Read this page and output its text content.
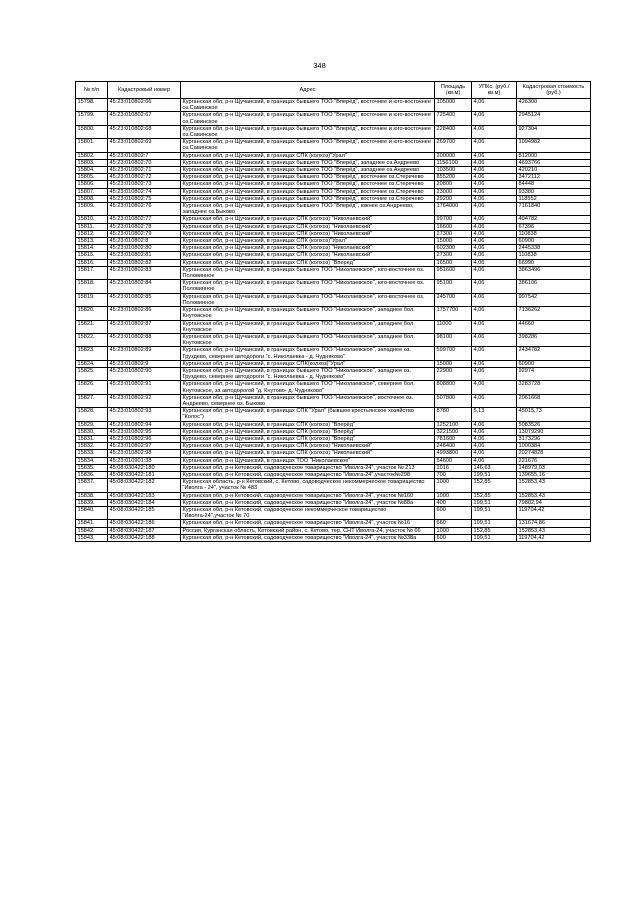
348
№ п/п	Кадастровый номер	Адрес	Площадь (кв.м)	УПКс. (руб./кв.м)	Кадастровая стоимость (руб.)
15798.	45:23:010802:66	Курганская обл, р-н Щучанский, в границах бывшего ТОО "Вперёд", восточнее и юго-восточнее оз.Савинское	105000	4,06	426300
15799.	45:23:010802:67	Курганская обл, р-н Щучанский, в границах бывшего ТОО "Вперёд", восточнее и юго-восточнее оз.Савинское	725400	4,06	2945124
15800.	45:23:010802:68	Курганская обл, р-н Щучанский, в границах бывшего ТОО "Вперёд", восточнее и юго-восточнее оз.Савинское	228400	4,06	927304
15801.	45:23:010802:69	Курганская обл, р-н Щучанский, в границах бывшего ТОО "Вперёд", восточнее и юго-восточнее оз.Савинское	269700	4,06	1094982
15802.	45:23:010802:7	Курганская обл, р-н Щучанский, в границах СПК (колхоз)"Урал"	200000	4,06	812000
15803.	45:23:010802:70	Курганская обл, р-н Щучанский, в границах бывшего ТОО "Вперёд", западнее оз.Андреево	1156100	4,06	4693766
15804.	45:23:010802:71	Курганская обл, р-н Щучанский, в границах бывшего ТОО "Вперёд", западнее оз.Андреево	103500	4,06	420210
15805.	45:23:010802:72	Курганская обл, р-н Щучанский, в границах бывшего ТОО "Вперёд", восточнее оз.Стеречево	855200	4,06	3472112
15806.	45:23:010802:73	Курганская обл, р-н Щучанский, в границах бывшего ТОО "Вперёд", восточнее оз.Стеречево	20800	4,06	84448
15807.	45:23:010802:74	Курганская обл, р-н Щучанский, в границах бывшего ТОО "Вперёд", восточнее оз.Стеречево	23000	4,06	93380
15808.	45:23:010802:75	Курганская обл, р-н Щучанский, в границах бывшего ТОО "Вперёд", восточнее оз.Стеречево	29200	4,06	118552
15809.	45:23:010802:76	Курганская обл, р-н Щучанский, в границах бывшего ТОО "Вперёд", южнее оз.Андреево, западнее оз.Быково	1764000	4,06	7161840
15810.	45:23:010802:77	Курганская обл, р-н Щучанский, в границах СПК (колхоз) "Николаевский"	99700	4,06	404782
15811.	45:23:010802:78	Курганская обл, р-н Щучанский, в границах СПК (колхоз) "Николаевский"	16600	4,06	67396
15812.	45:23:010802:79	Курганская обл, р-н Щучанский, в границах СПК (колхоз) "Николаевский"	27300	4,06	110838
15813.	45:23:010802:8	Курганская обл, р-н Щучанский, в границах СПК (колхоз)"Урал"	15000	4,06	60900
15814.	45:23:010802:80	Курганская обл, р-н Щучанский, в границах СПК (колхоз) "Николаевский"	602300	4,06	2445338
15815.	45:23:010802:81	Курганская обл, р-н Щучанский, в границах СПК (колхоз) "Николаевский"	27300	4,06	110838
15816.	45:23:010802:82	Курганская обл, р-н Щучанский, в границах СПК (колхоз) "Вперед"	16500	4,06	66990
15817.	45:23:010802:83	Курганская обл, р-н Щучанский, в границах бывшего ТОО "Николаевское", юго-восточнее оз. Половинное	951600	4,06	3863496
15818.	45:23:010802:84	Курганская обл, р-н Щучанский, в границах бывшего ТОО "Николаевское", юго-восточнее оз. Половинное	95100	4,06	386106
15819.	45:23:010802:85	Курганская обл, р-н Щучанский, в границах бывшего ТОО "Николаевское", юго-восточнее оз. Половинное	245700	4,06	997542
15820.	45:23:010802:86	Курганская обл, р-н Щучанский, в границах бывшего ТОО "Николаевское", западнее бол. Кнутовское	1757700	4,06	7136262
15821.	45:23:010802:87	Курганская обл, р-н Щучанский, в границах бывшего ТОО "Николаевское", западнее бол. Кнутовское	11000	4,06	44660
15822.	45:23:010802:88	Курганская обл, р-н Щучанский, в границах бывшего ТОО "Николаевское", западнее бол. Кнутовское	98100	4,06	398286
15823.	45:23:010802:89	Курганская обл, р-н Щучанский, в границах бывшего ТОО "Николаевское", западнее оз. Груздево, севернее автодороги "с. Николаевка - д. Чудняково"	599700	4,06	2434782
15824.	45:23:010802:9	Курганская обл, р-н Щучанский, в границах СПК(колхоз)"Урал"	15000	4,06	60900
15825.	45:23:010802:90	Курганская обл, р-н Щучанский, в границах бывшего ТОО "Николаевское", западнее оз. Груздево, севернее автодороги "с. Николаевка - д. Чудняково"	22900	4,06	92974
15826.	45:23:010802:91	Курганская обл, р-н Щучанский, в границах бывшего ТОО "Николаевское", севернее бол. Кнутовское, за автодорогой "д. Кнутово- д. Чудняково"	808800	4,06	3283728
15827.	45:23:010802:92	Курганская обл, р-н Щучанский, в границах бывшего ТОО "Николаевское", восточнее оз. Андреево, севернее оз. Быково	507800	4,06	2061668
15828.	45:23:010802:93	Курганская обл, р-н Щучанский, в границах СПК "Урал" (бывшее крестьянское хозяйство "Колос")	8780	5,13	45015,73
15829.	45:23:010802:94	Курганская обл, р-н Щучанский, в границах СПК (колхоз) "Вперёд"	1252100	4,06	5083526
15830.	45:23:010802:95	Курганская обл, р-н Щучанский, в границах СПК (колхоз) "Вперёд"	3221500	4,06	13079290
15831.	45:23:010802:96	Курганская обл, р-н Щучанский, в границах СПК (колхоз) "Вперёд"	781600	4,06	3173296
15832.	45:23:010802:97	Курганская обл, р-н Щучанский, в границах СПК (колхоз) "Николаевский"	246400	4,06	1000384
15833.	45:23:010802:98	Курганская обл, р-н Щучанский, в границах СПК (колхоз) "Николаевский"	4993800	4,06	20274828
15834.	45:23:010901:38	Курганская обл, р-н Щучанский, в границах ТОО "Николаевское"	54600	4,06	221676
15835.	45:08:030422:180	Курганская обл, р-н Кетовский, садоводческое товарищество "Иволга-24", участок № 213	1016	146,63	148979,03
15836.	45:08:030422:181	Курганская обл, р-н Кетовский, садоводческое товарищество "Иволга-24",участок№298	700	199,51	139655,16
15837.	45:08:030422:182	Курганская область, р-н Кетовский, с. Кетово, садоводческое некоммерческое товарищество "Иволга - 24", участок № 483	1000	152,85	152853,43
15838.	45:08:030422:183	Курганская обл, р-н Кетовский, садоводческое товарищество "Иволга-24", участок №160	1000	152,85	152853,43
15839.	45:08:030422:184	Курганская обл, р-н Кетовский, садоводческое товарищество "Иволга-24", участок №88а	400	199,51	79802,94
15840.	45:08:030422:185	Курганская обл, р-н Кетовский, садоводческое некоммерческое товарищество "Иволга-24",участок № 70	600	199,51	119704,42
15841.	45:08:030422:186	Курганская обл, р-н Кетовский, садоводческое товарищество "Иволга-24", участок №16	660	199,51	131674,86
15842.	45:08:030422:187	Россия, Курганская область, Кетовский район, с. Кетово, тер. СНТ Иволга-24, участок № 66	1000	152,85	152853,43
15843.	45:08:030422:188	Курганская обл, р-н Кетовский, садоводческое товарищество "Иволга-24", участок №338а	600	199,51	119704,42
